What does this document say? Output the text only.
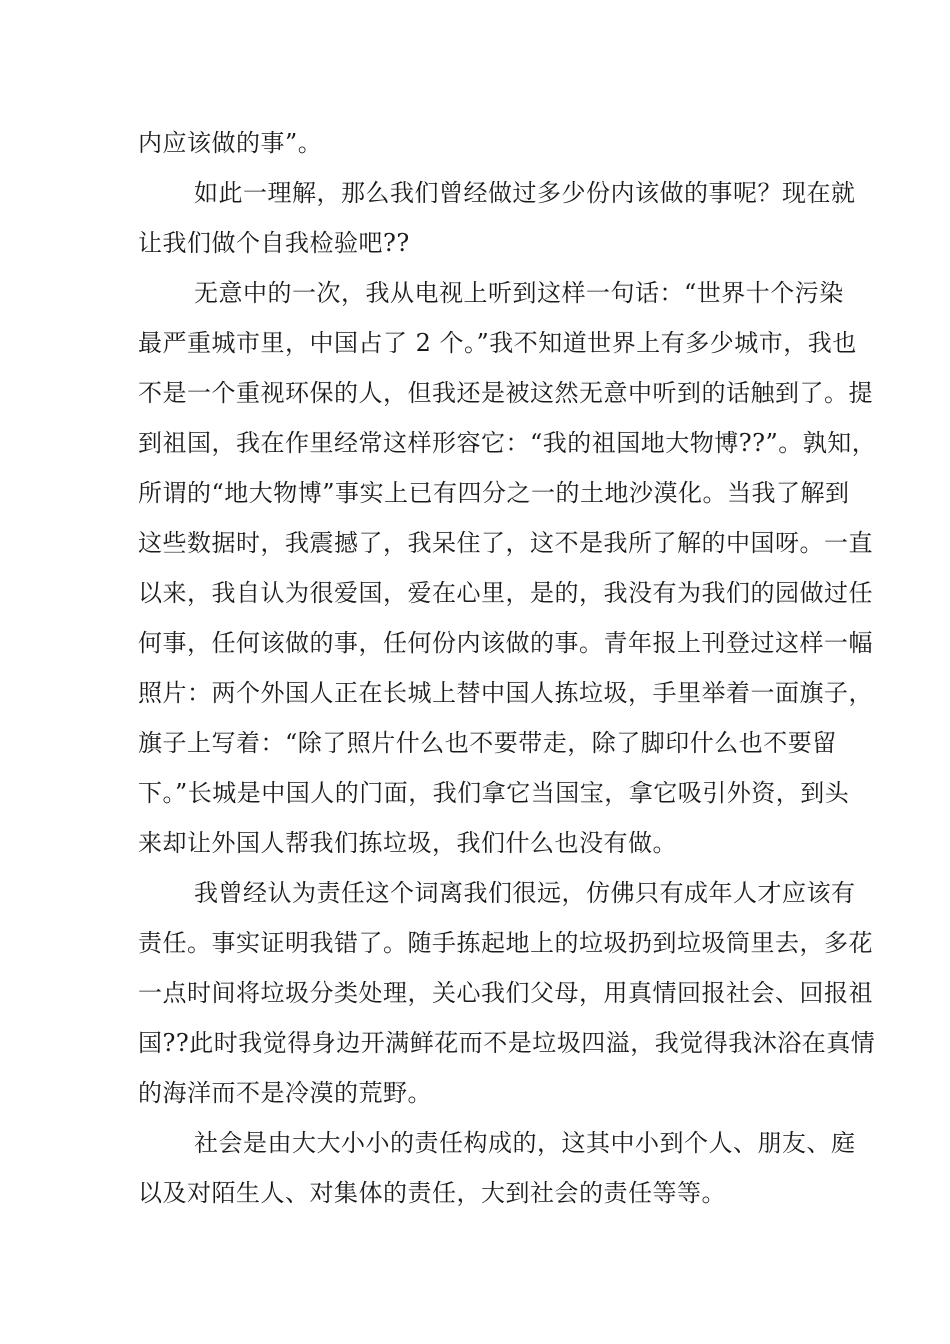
内应该做的事”。
如此一理解，那么我们曾经做过多少份内该做的事呢？现在就
让我们做个自我检验吧??
无意中的一次，我从电视上听到这样一句话：“世界十个污染
最严重城市里，中国占了 2 个。”我不知道世界上有多少城市，我也
不是一个重视环保的人，但我还是被这然无意中听到的话触到了。提
到祖国，我在作里经常这样形容它：“我的祖国地大物博??”。孰知，
所谓的“地大物博”事实上已有四分之一的土地沙漠化。当我了解到
这些数据时，我震撼了，我呆住了，这不是我所了解的中国呀。一直
以来，我自认为很爱国，爱在心里，是的，我没有为我们的园做过任
何事，任何该做的事，任何份内该做的事。青年报上刊登过这样一幅
照片：两个外国人正在长城上替中国人拣垃圾，手里举着一面旗子，
旗子上写着：“除了照片什么也不要带走，除了脚印什么也不要留
下。”长城是中国人的门面，我们拿它当国宝，拿它吸引外资，到头
来却让外国人帮我们拣垃圾，我们什么也没有做。
我曾经认为责任这个词离我们很远，仿佛只有成年人才应该有
责任。事实证明我错了。随手拣起地上的垃圾扔到垃圾筒里去，多花
一点时间将垃圾分类处理，关心我们父母，用真情回报社会、回报祖
国??此时我觉得身边开满鲜花而不是垃圾四溢，我觉得我沐浴在真情
的海洋而不是冷漠的荒野。
社会是由大大小小的责任构成的，这其中小到个人、朋友、庭
以及对陌生人、对集体的责任，大到社会的责任等等。
